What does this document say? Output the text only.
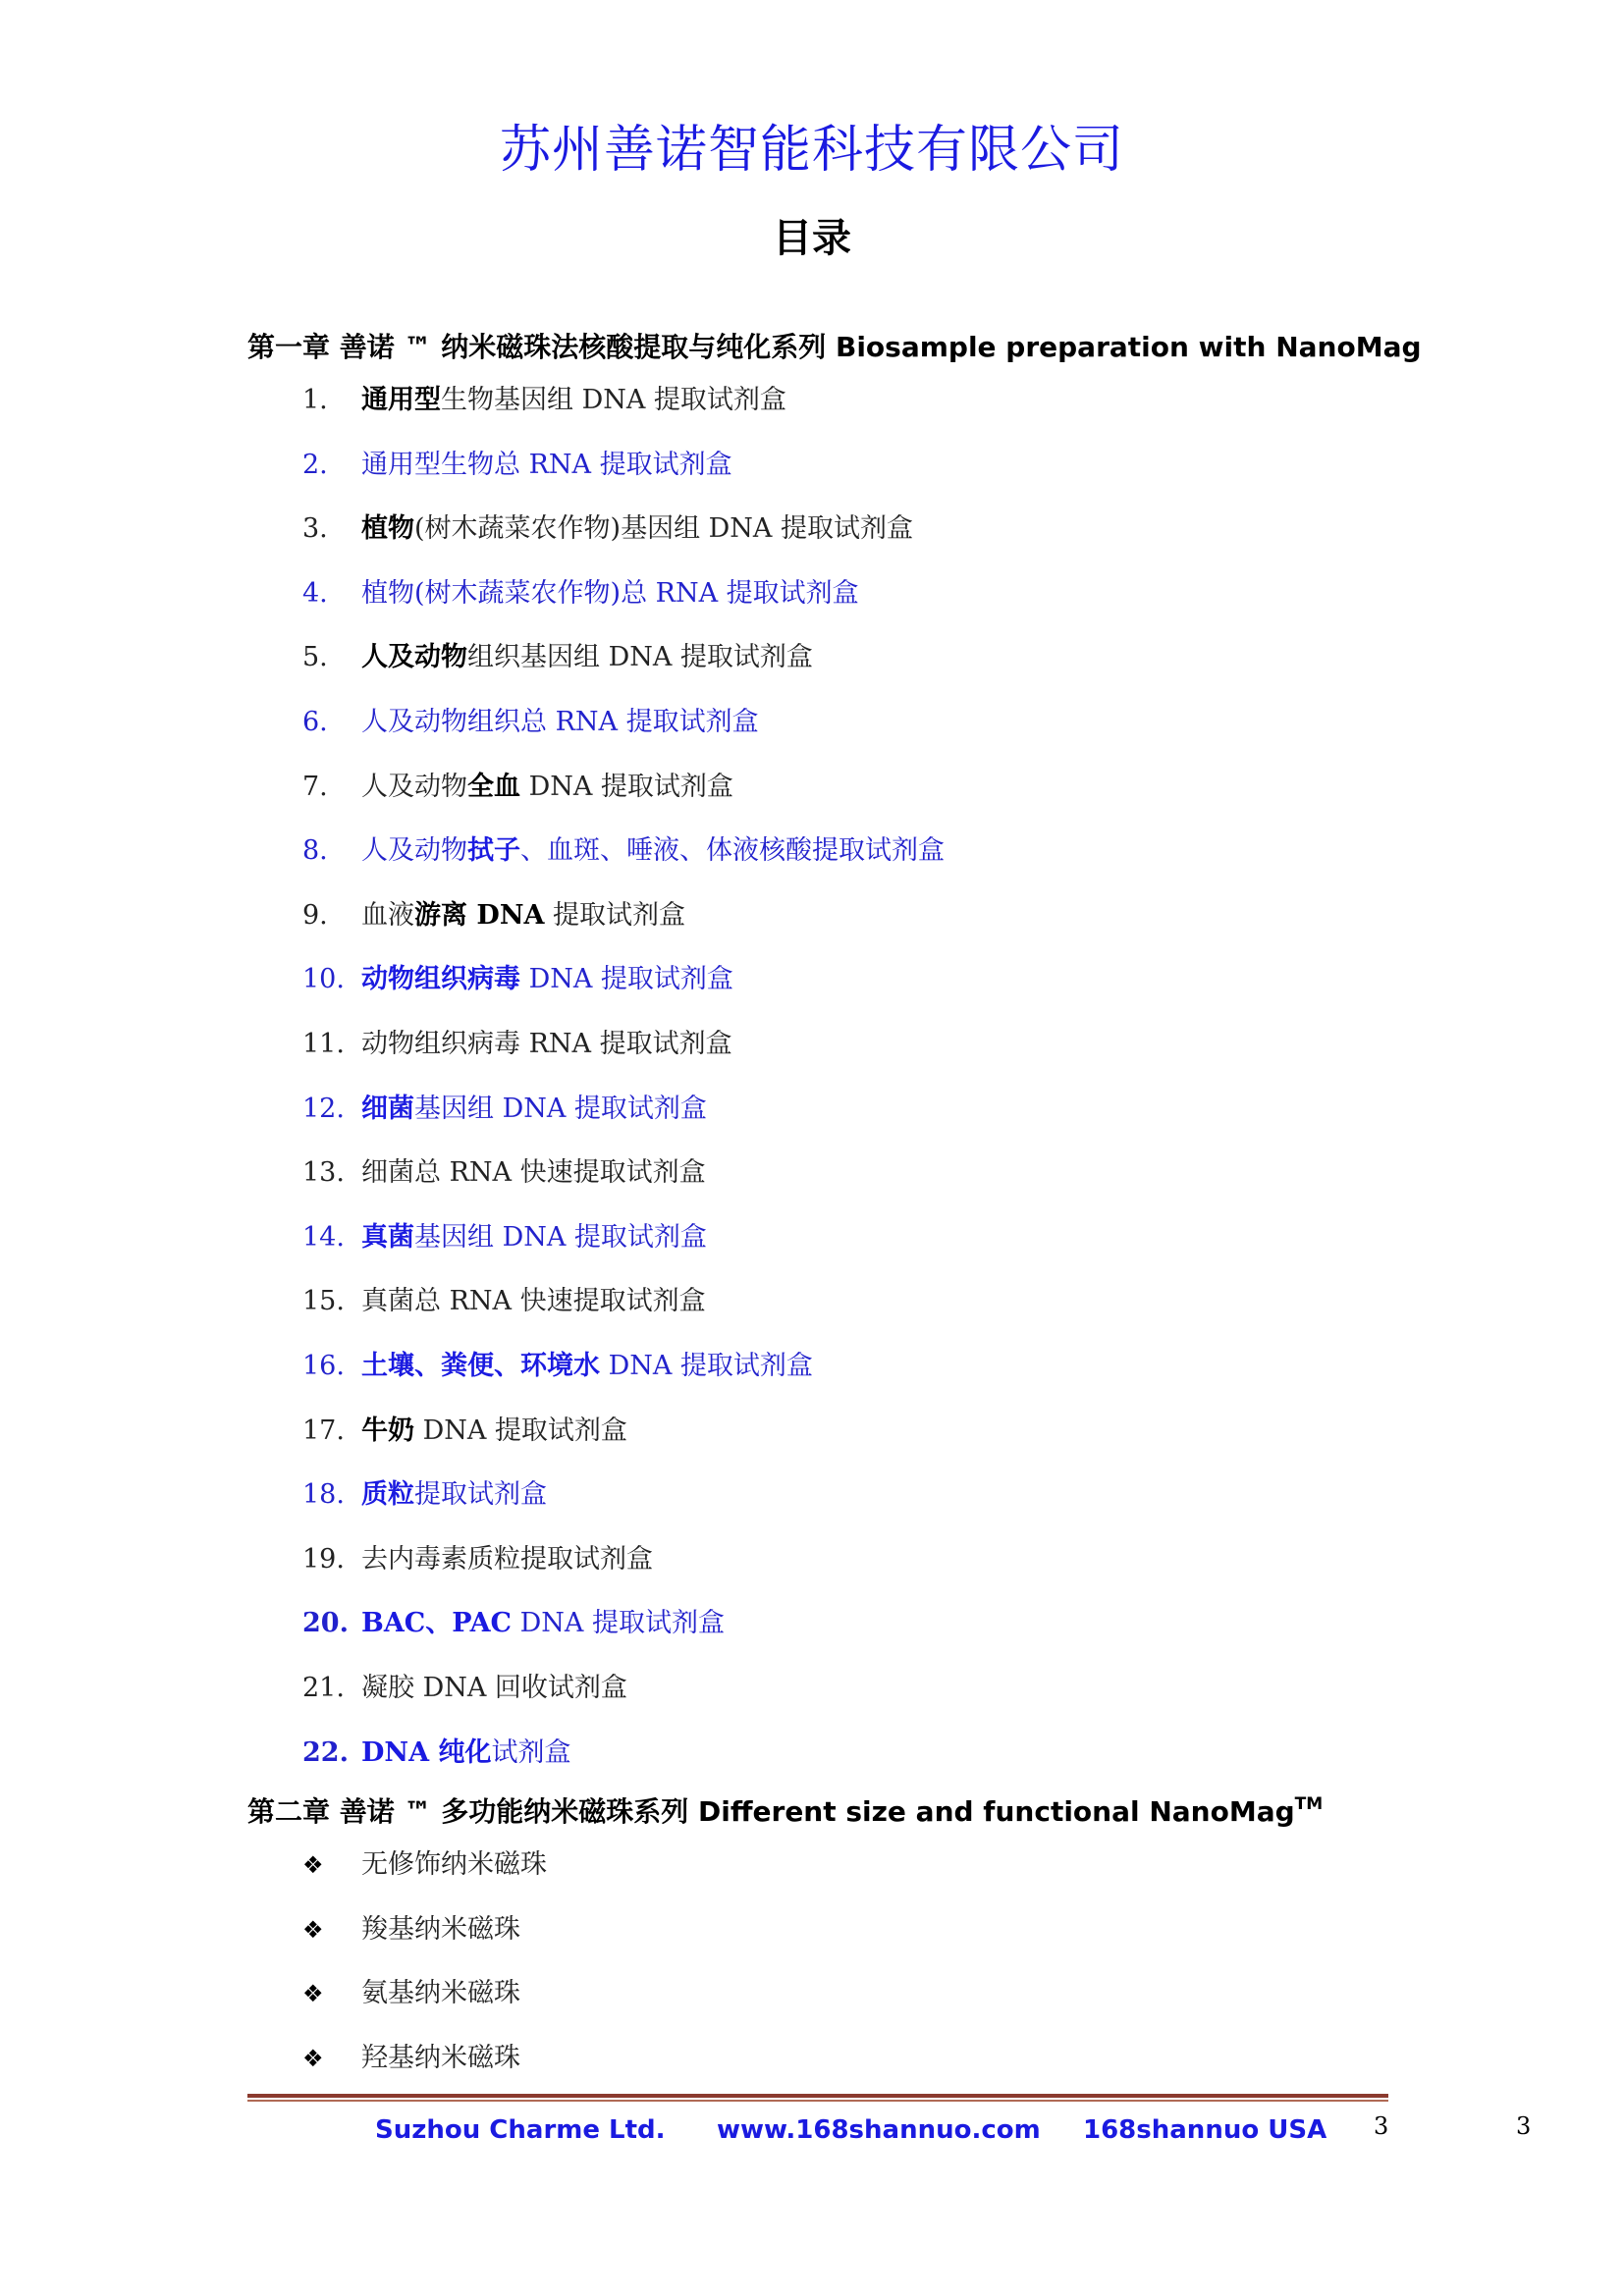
苏州善诺智能科技有限公司
目录
第一章 善诺 ™ 纳米磁珠法核酸提取与纯化系列 Biosample preparation with NanoMag
1. 通用型生物基因组 DNA 提取试剂盒
2. 通用型生物总 RNA 提取试剂盒
3. 植物(树木蔬菜农作物)基因组 DNA 提取试剂盒
4. 植物(树木蔬菜农作物)总 RNA 提取试剂盒
5. 人及动物组织基因组 DNA 提取试剂盒
6. 人及动物组织总 RNA 提取试剂盒
7. 人及动物全血 DNA 提取试剂盒
8. 人及动物拭子、血斑、唾液、体液核酸提取试剂盒
9. 血液游离 DNA 提取试剂盒
10. 动物组织病毒 DNA 提取试剂盒
11. 动物组织病毒 RNA 提取试剂盒
12. 细菌基因组 DNA 提取试剂盒
13. 细菌总 RNA 快速提取试剂盒
14. 真菌基因组 DNA 提取试剂盒
15. 真菌总 RNA 快速提取试剂盒
16. 土壤、粪便、环境水 DNA 提取试剂盒
17. 牛奶 DNA 提取试剂盒
18. 质粒提取试剂盒
19. 去内毒素质粒提取试剂盒
20. BAC、PAC DNA 提取试剂盒
21. 凝胶 DNA 回收试剂盒
22. DNA 纯化试剂盒
第二章 善诺 ™ 多功能纳米磁珠系列 Different size and functional NanoMag™
❖ 无修饰纳米磁珠
❖ 羧基纳米磁珠
❖ 氨基纳米磁珠
❖ 羟基纳米磁珠
Suzhou Charme Ltd. www.168shannuo.com 168shannuo USA 3	3
